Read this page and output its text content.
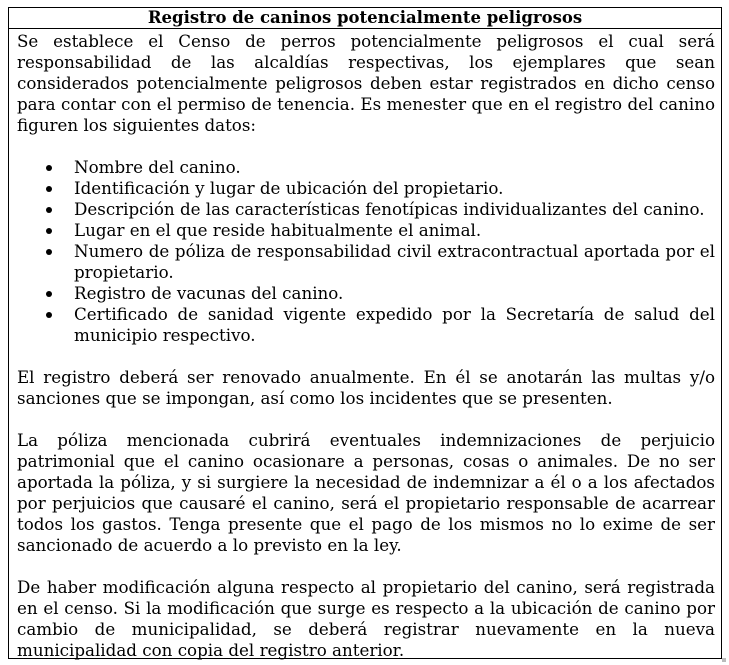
Registro de caninos potencialmente peligrosos

Se establece el Censo de perros potencialmente peligrosos el cual será responsabilidad de las alcaldías respectivas, los ejemplares que sean considerados potencialmente peligrosos deben estar registrados en dicho censo para contar con el permiso de tenencia. Es menester que en el registro del canino figuren los siguientes datos:

Nombre del canino.
Identificación y lugar de ubicación del propietario.
Descripción de las características fenotípicas individualizantes del canino.
Lugar en el que reside habitualmente el animal.
Numero de póliza de responsabilidad civil extracontractual aportada por el propietario.
Registro de vacunas del canino.
Certificado de sanidad vigente expedido por la Secretaría de salud del municipio respectivo.

El registro deberá ser renovado anualmente. En él se anotarán las multas y/o sanciones que se impongan, así como los incidentes que se presenten.

La póliza mencionada cubrirá eventuales indemnizaciones de perjuicio patrimonial que el canino ocasionare a personas, cosas o animales. De no ser aportada la póliza, y si surgiere la necesidad de indemnizar a él o a los afectados por perjuicios que causaré el canino, será el propietario responsable de acarrear todos los gastos. Tenga presente que el pago de los mismos no lo exime de ser sancionado de acuerdo a lo previsto en la ley.

De haber modificación alguna respecto al propietario del canino, será registrada en el censo. Si la modificación que surge es respecto a la ubicación de canino por cambio de municipalidad, se deberá registrar nuevamente en la nueva municipalidad con copia del registro anterior.
